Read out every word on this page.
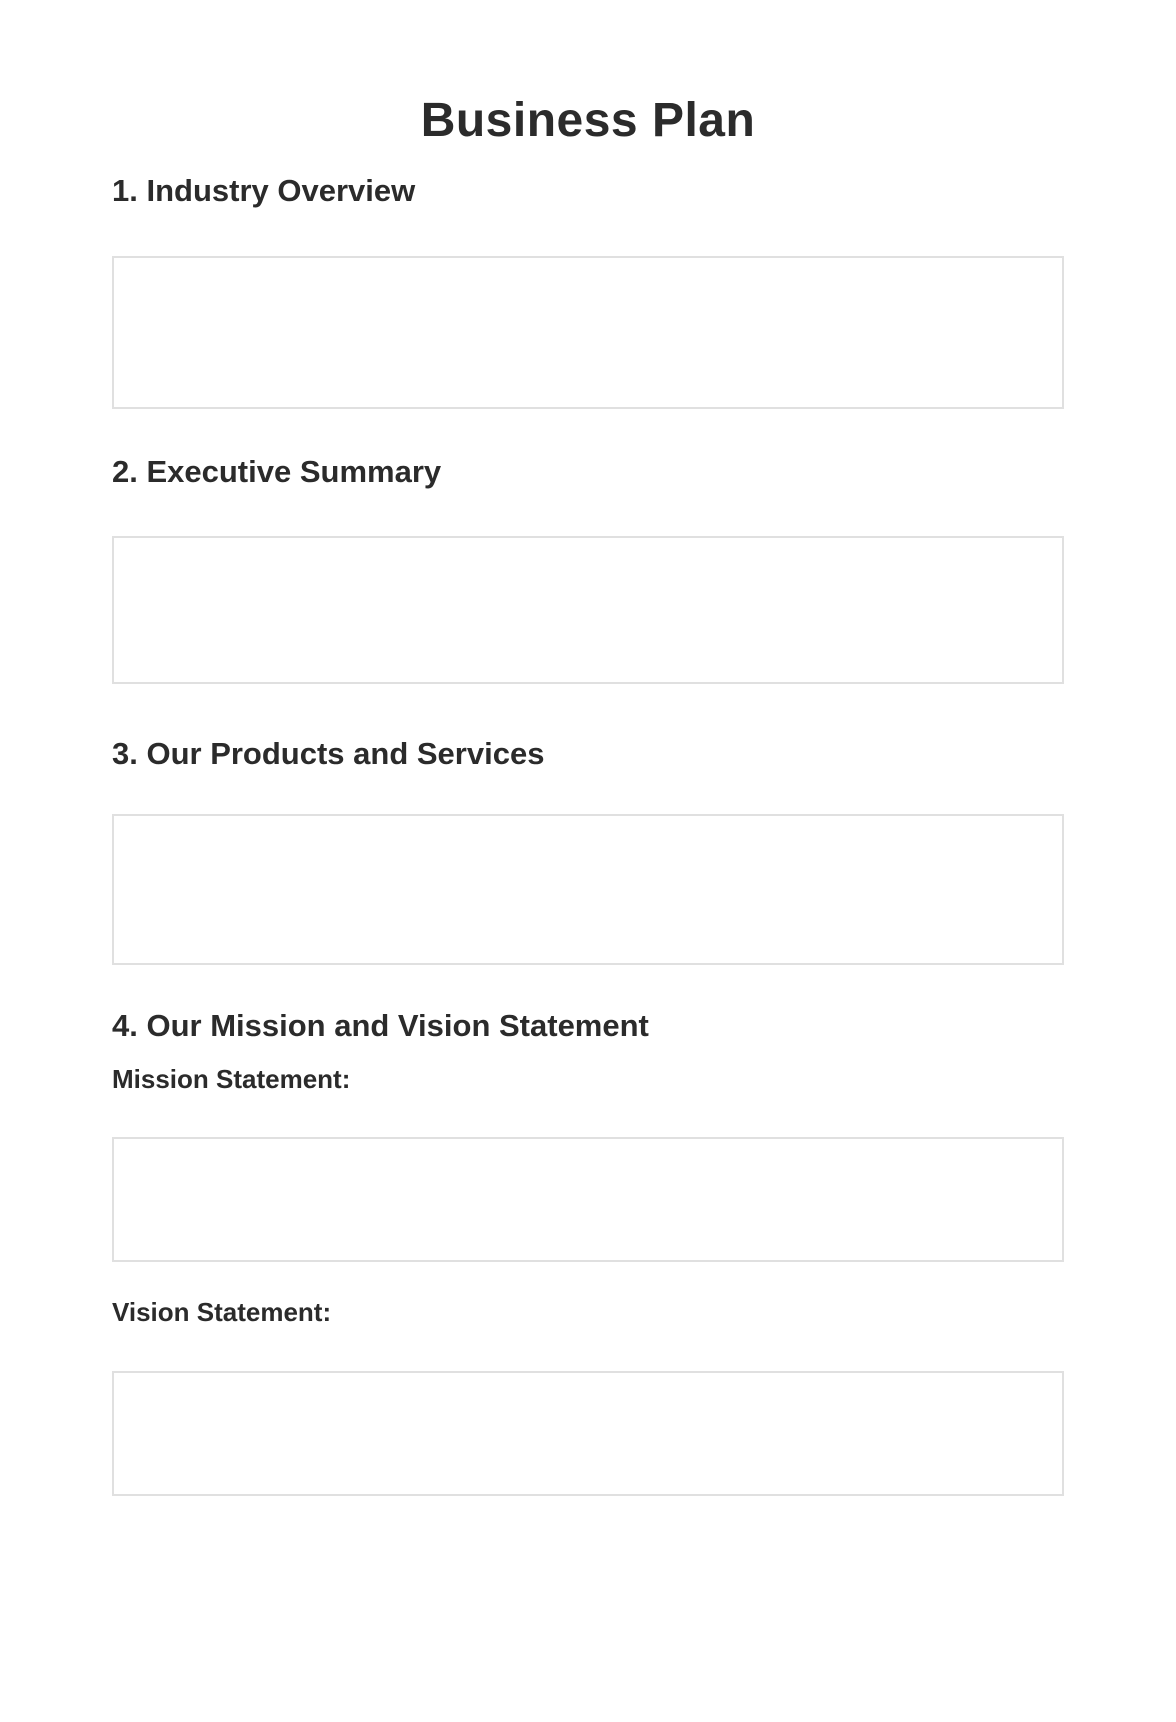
Business Plan
1. Industry Overview
2. Executive Summary
3. Our Products and Services
4. Our Mission and Vision Statement
Mission Statement:
Vision Statement:
